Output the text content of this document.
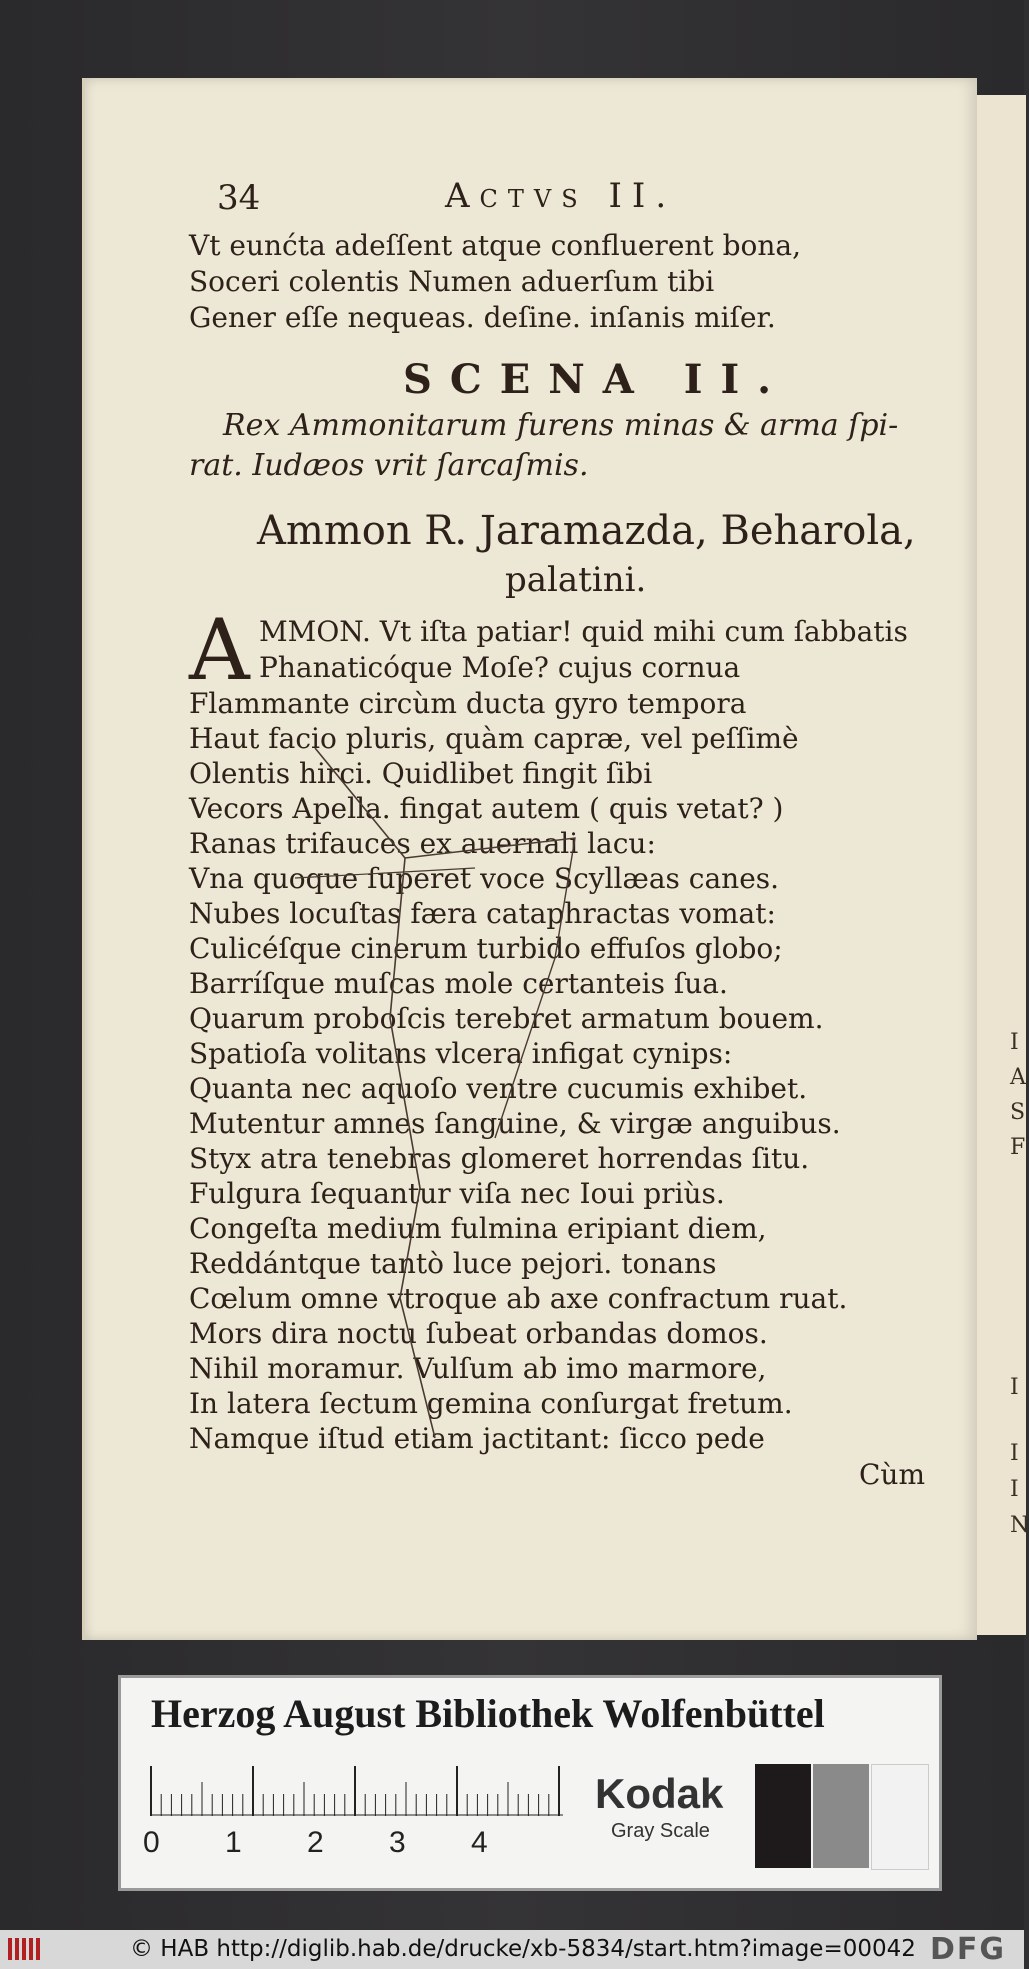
I
A
S
F
I
I
I
N
34	Actvs II.
Vt eunćta adeſſent atque confluerent bona,
Soceri colentis Numen aduerſum tibi
Gener eſſe nequeas. deſine. inſanis miſer.
SCENA II.
Rex Ammonitarum furens minas & arma ſpi-
rat. Iudæos vrit ſarcaſmis.
Ammon R. Jaramazda, Beharola,
palatini.
A MMON. Vt iſta patiar! quid mihi cum ſabbatis
Phanaticóque Moſe? cujus cornua
Flammante circùm ducta gyro tempora
Haut facio pluris, quàm capræ, vel peſſimè
Olentis hirci. Quidlibet fingit ſibi
Vecors Apella. fingat autem ( quis vetat? )
Ranas trifauces ex auernali lacu:
Vna quoque ſuperet voce Scyllæas canes.
Nubes locuſtas færa cataphractas vomat:
Culicéſque cinerum turbido effuſos globo;
Barríſque muſcas mole certanteis ſua.
Quarum proboſcis terebret armatum bouem.
Spatioſa volitans vlcera infigat cynips:
Quanta nec aquoſo ventre cucumis exhibet.
Mutentur amnes ſanguine, & virgæ anguibus.
Styx atra tenebras glomeret horrendas ſitu.
Fulgura ſequantur viſa nec Ioui priùs.
Congeſta medium fulmina eripiant diem,
Reddántque tantò luce pejori. tonans
Cœlum omne vtroque ab axe confractum ruat.
Mors dira noctu ſubeat orbandas domos.
Nihil moramur. Vulſum ab imo marmore,
In latera ſectum gemina conſurgat fretum.
Namque iſtud etiam jactitant: ſicco pede
Cùm
Herzog August Bibliothek Wolfenbüttel
0 1 2 3 4
Kodak
Gray Scale
© HAB http://diglib.hab.de/drucke/xb-5834/start.htm?image=00042 DFG
